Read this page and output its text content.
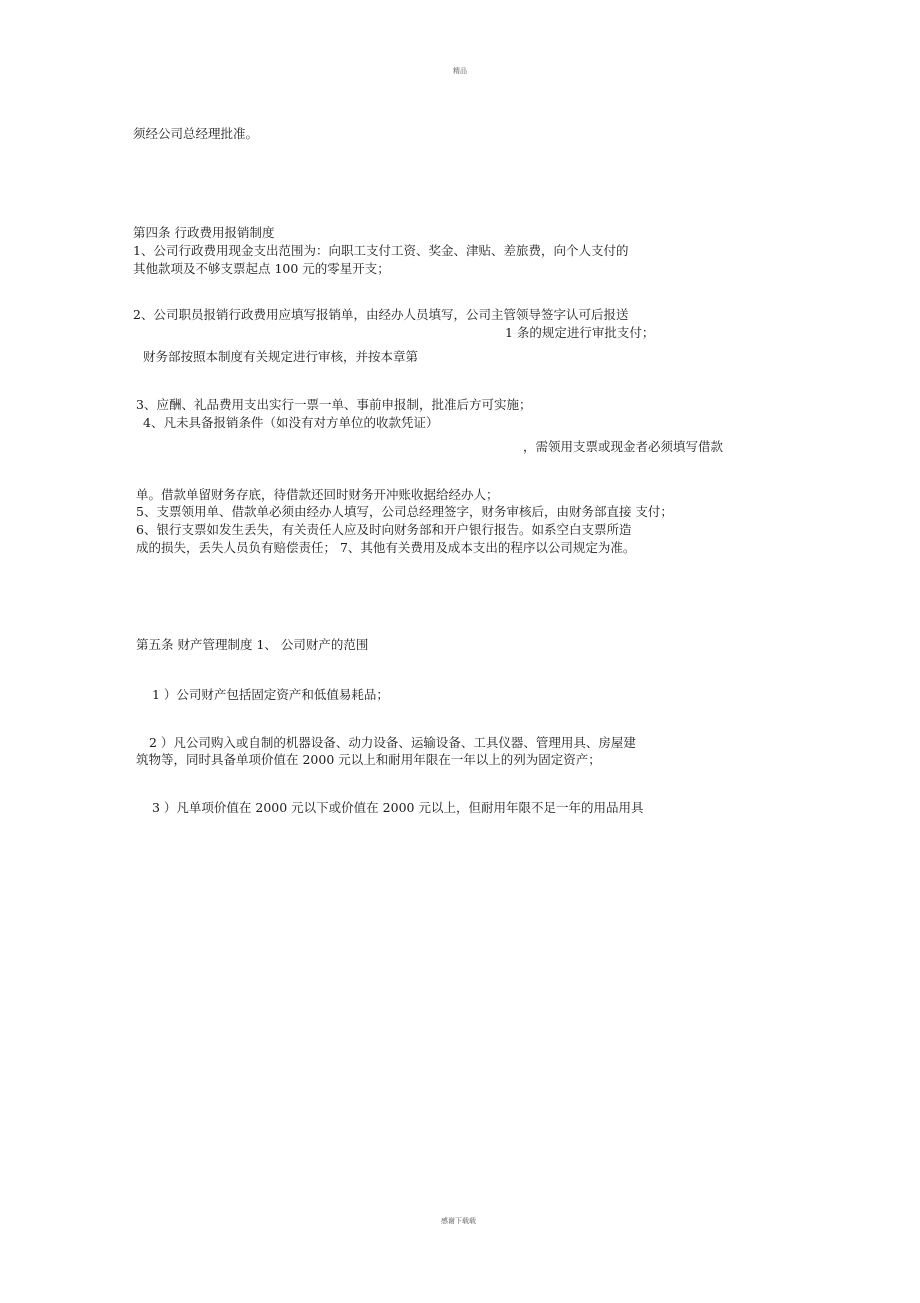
精品
须经公司总经理批准。
第四条 行政费用报销制度
1、公司行政费用现金支出范围为：向职工支付工资、奖金、津贴、差旅费，向个人支付的
其他款项及不够支票起点 100 元的零星开支；
2、公司职员报销行政费用应填写报销单，由经办人员填写，公司主管领导签字认可后报送
1 条的规定进行审批支付；
财务部按照本制度有关规定进行审核，并按本章第
3、应酬、礼品费用支出实行一票一单、事前申报制，批准后方可实施；
4、凡未具备报销条件（如没有对方单位的收款凭证）
，需领用支票或现金者必须填写借款
单。借款单留财务存底，待借款还回时财务开冲账收据给经办人；
5、支票领用单、借款单必须由经办人填写，公司总经理签字，财务审核后，由财务部直接 支付；
6、银行支票如发生丢失，有关责任人应及时向财务部和开户银行报告。如系空白支票所造
成的损失，丢失人员负有赔偿责任； 7、其他有关费用及成本支出的程序以公司规定为准。
第五条 财产管理制度 1、 公司财产的范围
1 ）公司财产包括固定资产和低值易耗品；
2 ）凡公司购入或自制的机器设备、动力设备、运输设备、工具仪器、管理用具、房屋建
筑物等，同时具备单项价值在 2000 元以上和耐用年限在一年以上的列为固定资产；
3 ）凡单项价值在 2000 元以下或价值在 2000 元以上，但耐用年限不足一年的用品用具
感谢下载载
